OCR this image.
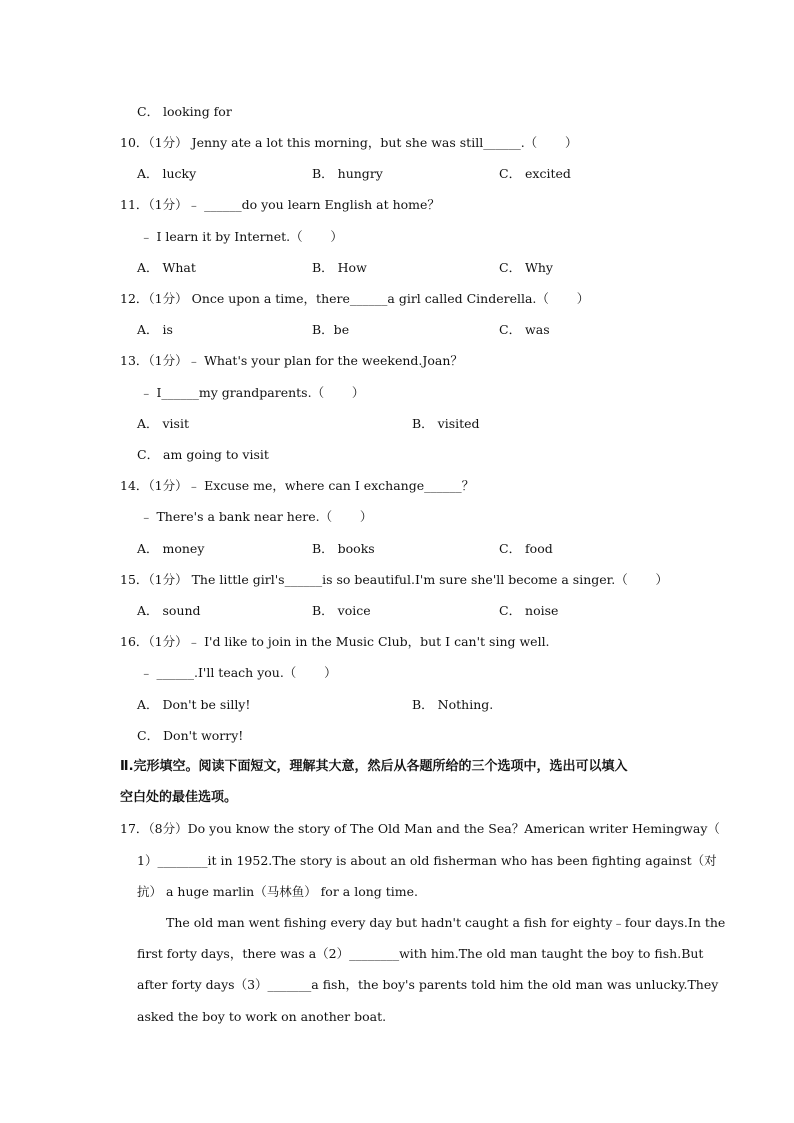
C． looking for
10．（1分） Jenny ate a lot this morning，but she was still______.（       ）
A． lucky	B． hungry	C． excited
11．（1分）﹣ ______do you learn English at home？
﹣ I learn it by Internet.（       ）
A． What	B． How	C． Why
12．（1分） Once upon a time，there______a girl called Cinderella.（       ）
A． is	B．be	C． was
13．（1分）﹣ What's your plan for the weekend.Joan？
﹣ I______my grandparents.（       ）
A． visit	B． visited
C． am going to visit
14．（1分）﹣ Excuse me，where can I exchange______？
﹣ There's a bank near here.（       ）
A． money	B． books	C． food
15．（1分） The little girl's______is so beautiful.I'm sure she'll become a singer.（       ）
A． sound	B． voice	C． noise
16．（1分）﹣ I'd like to join in the Music Club，but I can't sing well.
﹣ ______.I'll teach you.（       ）
A． Don't be silly!	B． Nothing.
C． Don't worry!
Ⅱ.完形填空。阅读下面短文，理解其大意，然后从各题所给的三个选项中，选出可以填入
空白处的最佳选项。
17．（8分）Do you know the story of The Old Man and the Sea？American writer Hemingway（
1）________it in 1952.The story is about an old fisherman who has been fighting against（对
抗） a huge marlin（马林鱼） for a long time.
The old man went fishing every day but hadn't caught a fish for eighty﹣four days.In the
first forty days，there was a（2）________with him.The old man taught the boy to fish.But
after forty days（3）_______a fish，the boy's parents told him the old man was unlucky.They
asked the boy to work on another boat.
